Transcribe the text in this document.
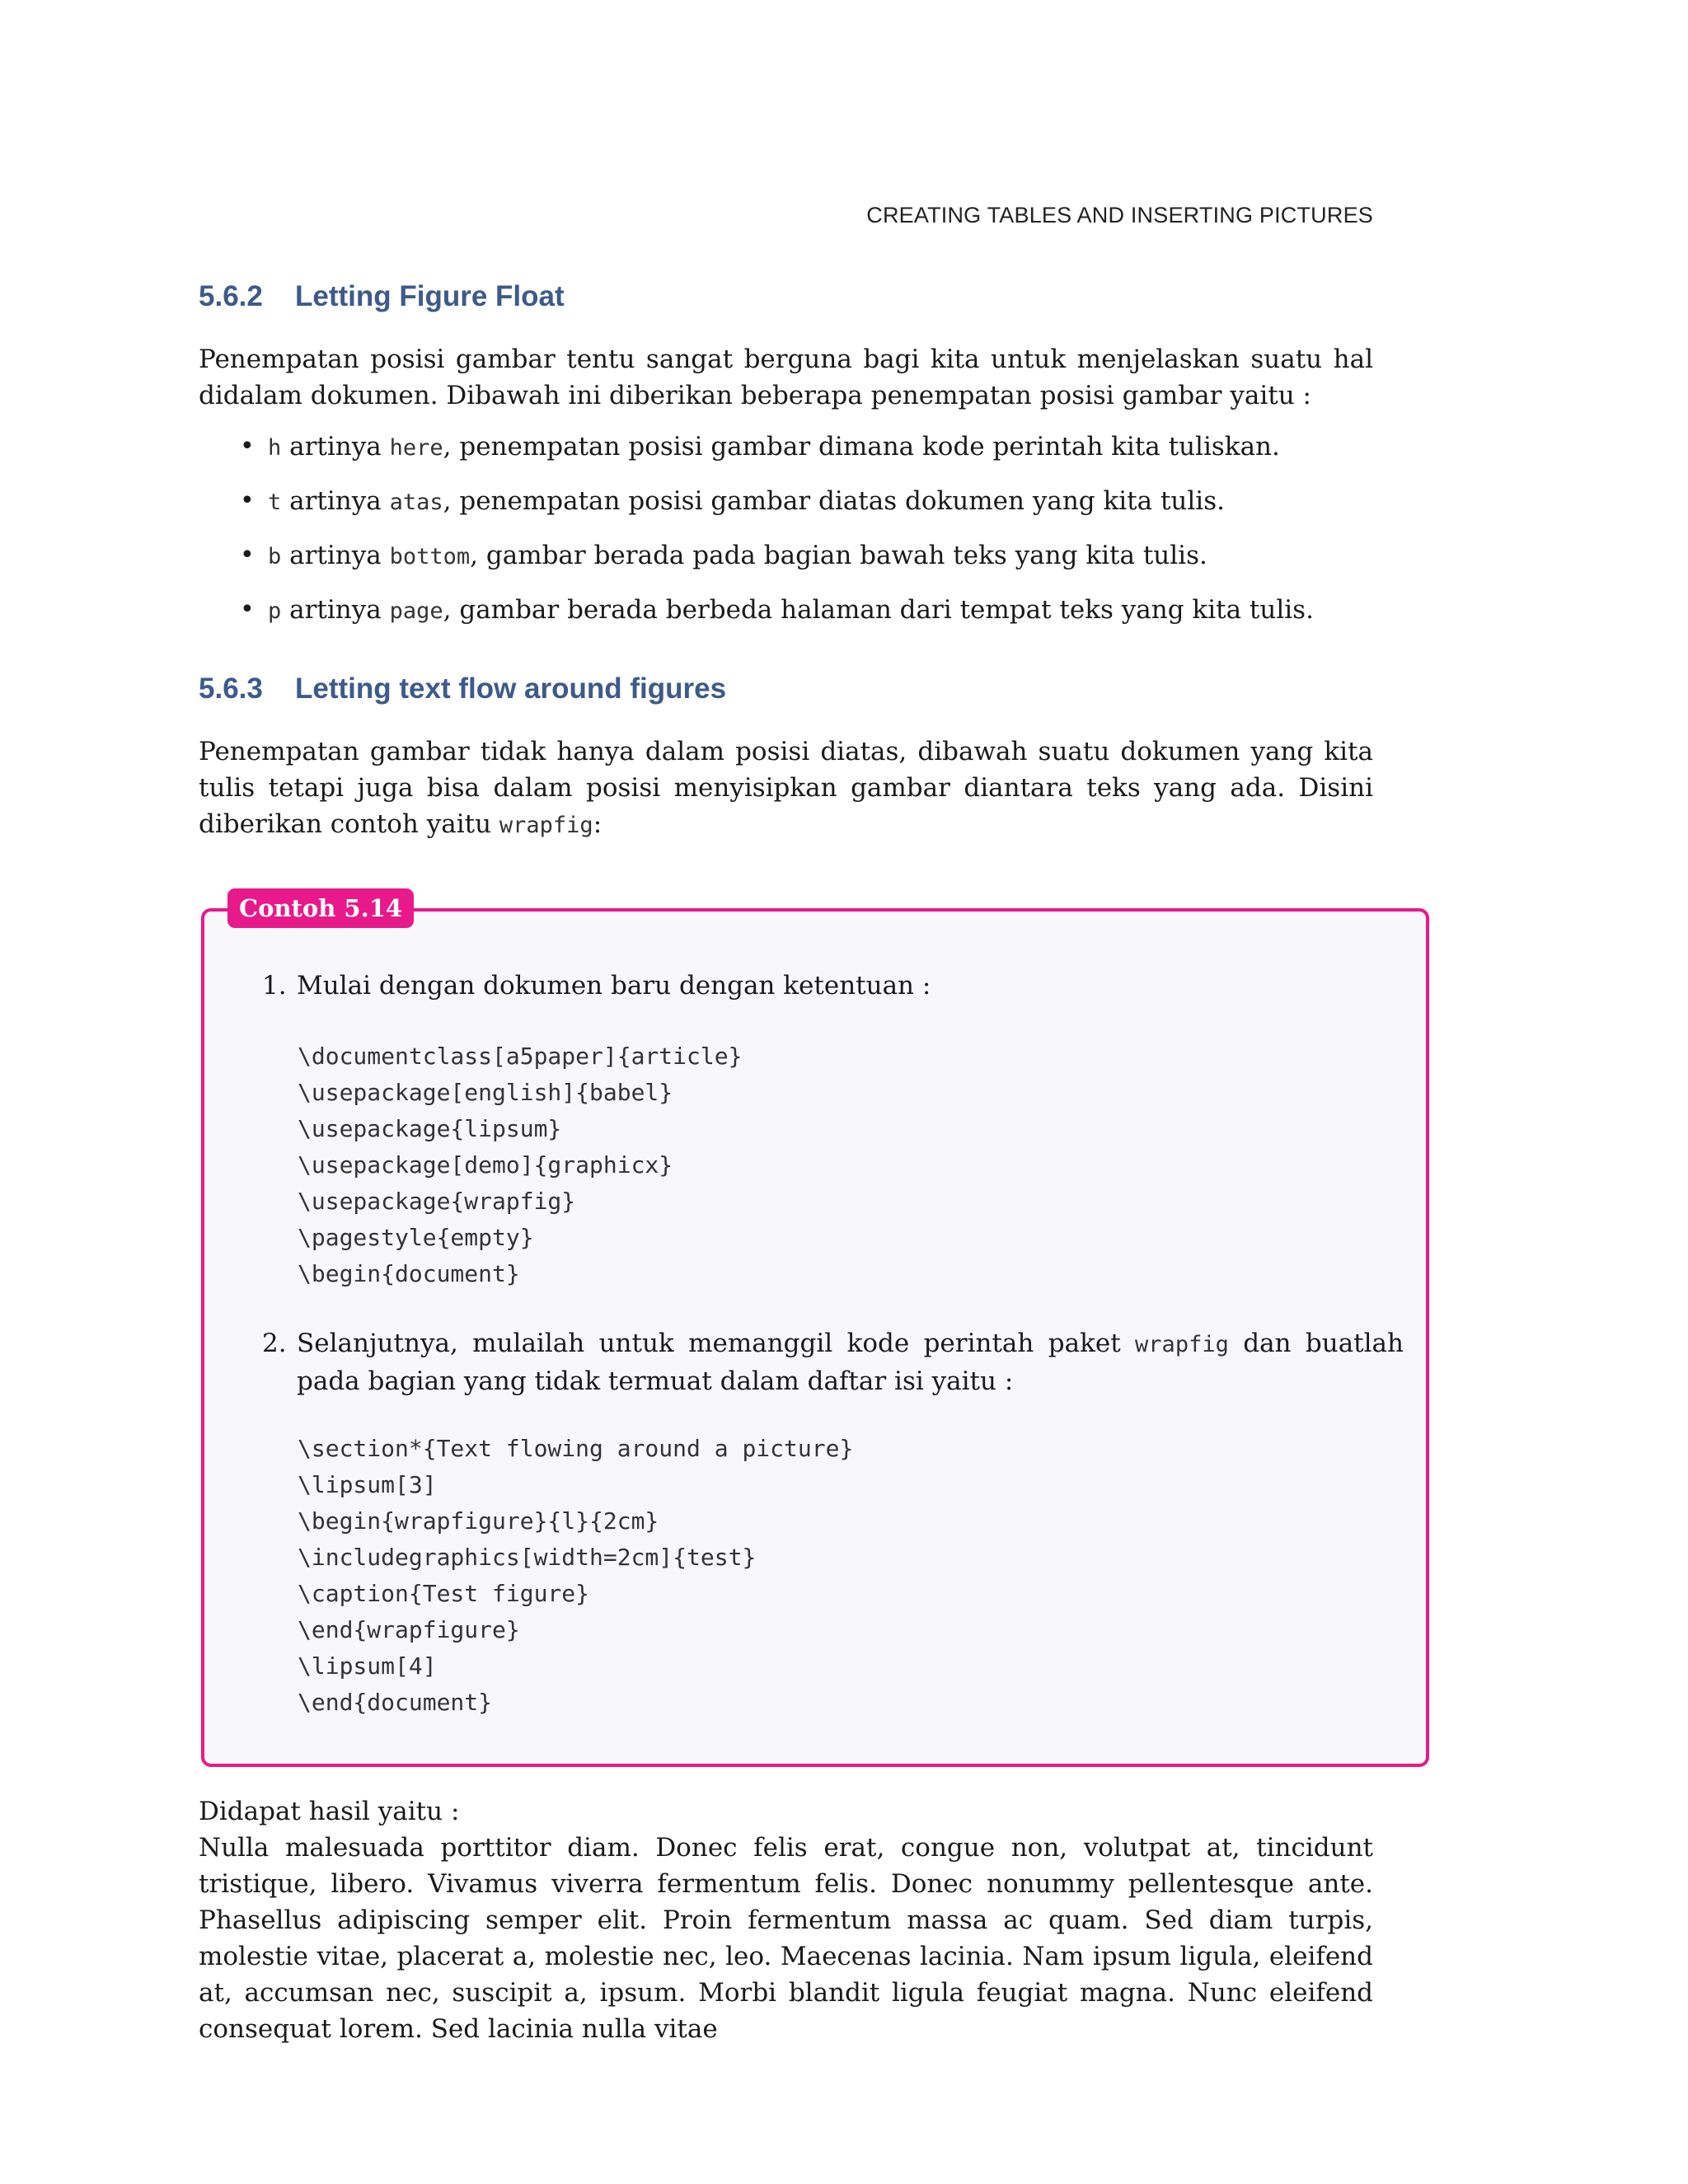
CREATING TABLES AND INSERTING PICTURES
5.6.2 Letting Figure Float

Penempatan posisi gambar tentu sangat berguna bagi kita untuk menjelaskan suatu hal didalam dokumen. Dibawah ini diberikan beberapa penempatan posisi gambar yaitu :

• h artinya here, penempatan posisi gambar dimana kode perintah kita tuliskan.
• t artinya atas, penempatan posisi gambar diatas dokumen yang kita tulis.
• b artinya bottom, gambar berada pada bagian bawah teks yang kita tulis.
• p artinya page, gambar berada berbeda halaman dari tempat teks yang kita tulis.
5.6.3 Letting text flow around figures

Penempatan gambar tidak hanya dalam posisi diatas, dibawah suatu dokumen yang kita tulis tetapi juga bisa dalam posisi menyisipkan gambar diantara teks yang ada. Disini diberikan contoh yaitu wrapfig:

Contoh 5.14

1. Mulai dengan dokumen baru dengan ketentuan :

\documentclass[a5paper]{article}
\usepackage[english]{babel}
\usepackage{lipsum}
\usepackage[demo]{graphicx}
\usepackage{wrapfig}
\pagestyle{empty}
\begin{document}

2. Selanjutnya, mulailah untuk memanggil kode perintah paket wrapfig dan buatlah pada bagian yang tidak termuat dalam daftar isi yaitu :

\section*{Text flowing around a picture}
\lipsum[3]
\begin{wrapfigure}{l}{2cm}
\includegraphics[width=2cm]{test}
\caption{Test figure}
\end{wrapfigure}
\lipsum[4]
\end{document}

Didapat hasil yaitu :

Nulla malesuada porttitor diam. Donec felis erat, congue non, volutpat at, tincidunt tristique, libero. Vivamus viverra fermentum felis. Donec nonummy pellentesque ante. Phasellus adipiscing semper elit. Proin fermentum massa ac quam. Sed diam turpis, molestie vitae, placerat a, molestie nec, leo. Maecenas lacinia. Nam ipsum ligula, eleifend at, accumsan nec, suscipit a, ipsum. Morbi blandit ligula feugiat magna. Nunc eleifend consequat lorem. Sed lacinia nulla vitae
